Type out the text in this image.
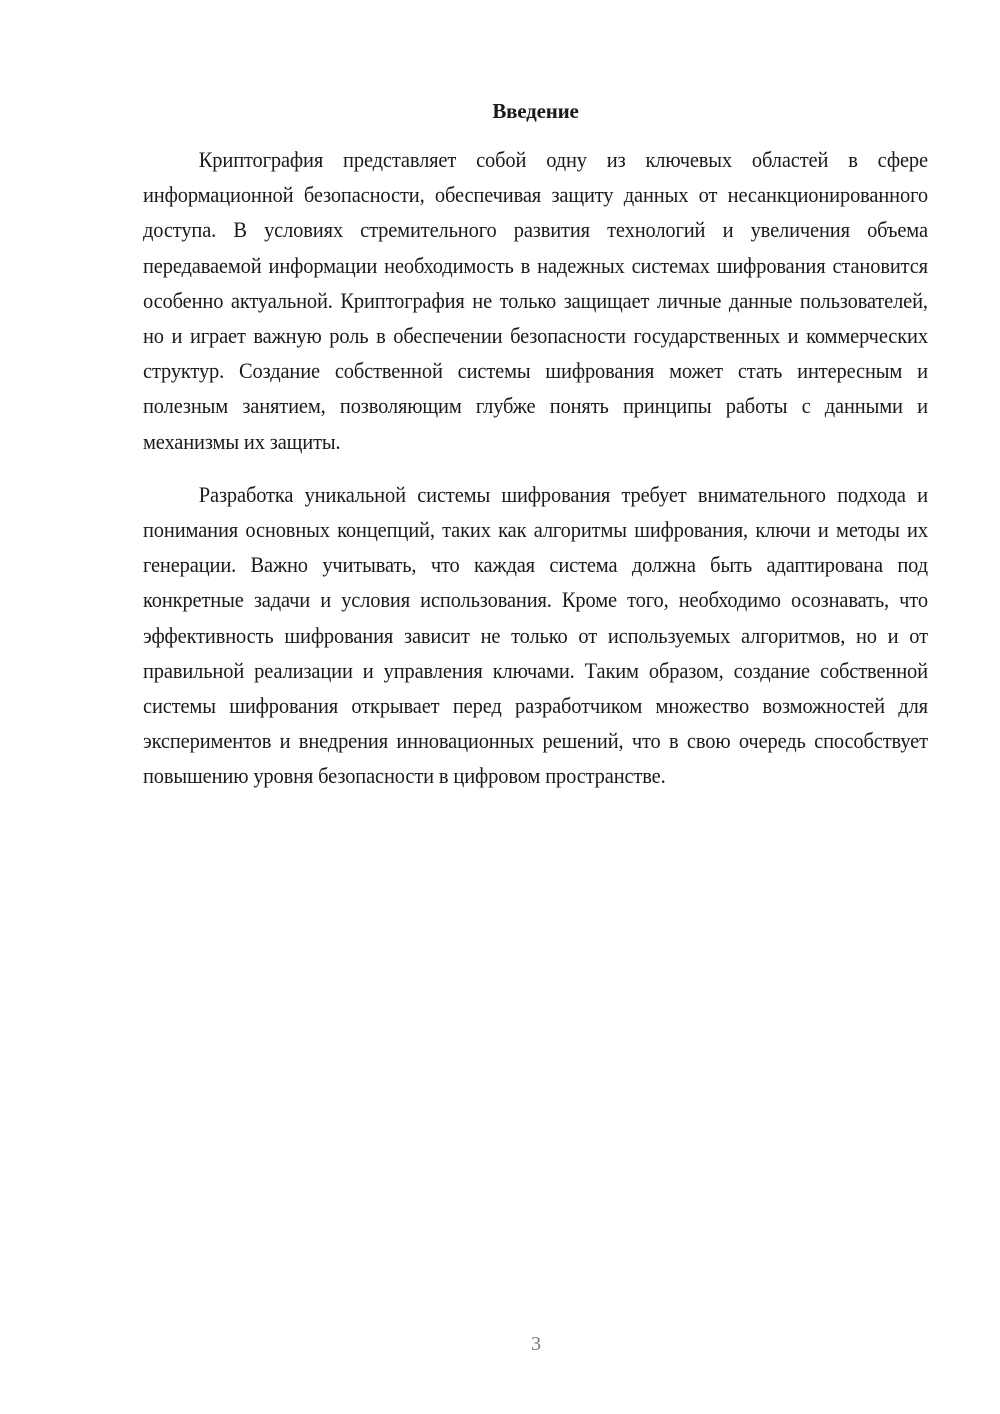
Введение

Криптография представляет собой одну из ключевых областей в сфере информационной безопасности, обеспечивая защиту данных от несанкционированного доступа. В условиях стремительного развития технологий и увеличения объема передаваемой информации необходимость в надежных системах шифрования становится особенно актуальной. Криптография не только защищает личные данные пользователей, но и играет важную роль в обеспечении безопасности государственных и коммерческих структур. Создание собственной системы шифрования может стать интересным и полезным занятием, позволяющим глубже понять принципы работы с данными и механизмы их защиты.

Разработка уникальной системы шифрования требует внимательного подхода и понимания основных концепций, таких как алгоритмы шифрования, ключи и методы их генерации. Важно учитывать, что каждая система должна быть адаптирована под конкретные задачи и условия использования. Кроме того, необходимо осознавать, что эффективность шифрования зависит не только от используемых алгоритмов, но и от правильной реализации и управления ключами. Таким образом, создание собственной системы шифрования открывает перед разработчиком множество возможностей для экспериментов и внедрения инновационных решений, что в свою очередь способствует повышению уровня безопасности в цифровом пространстве.

3
